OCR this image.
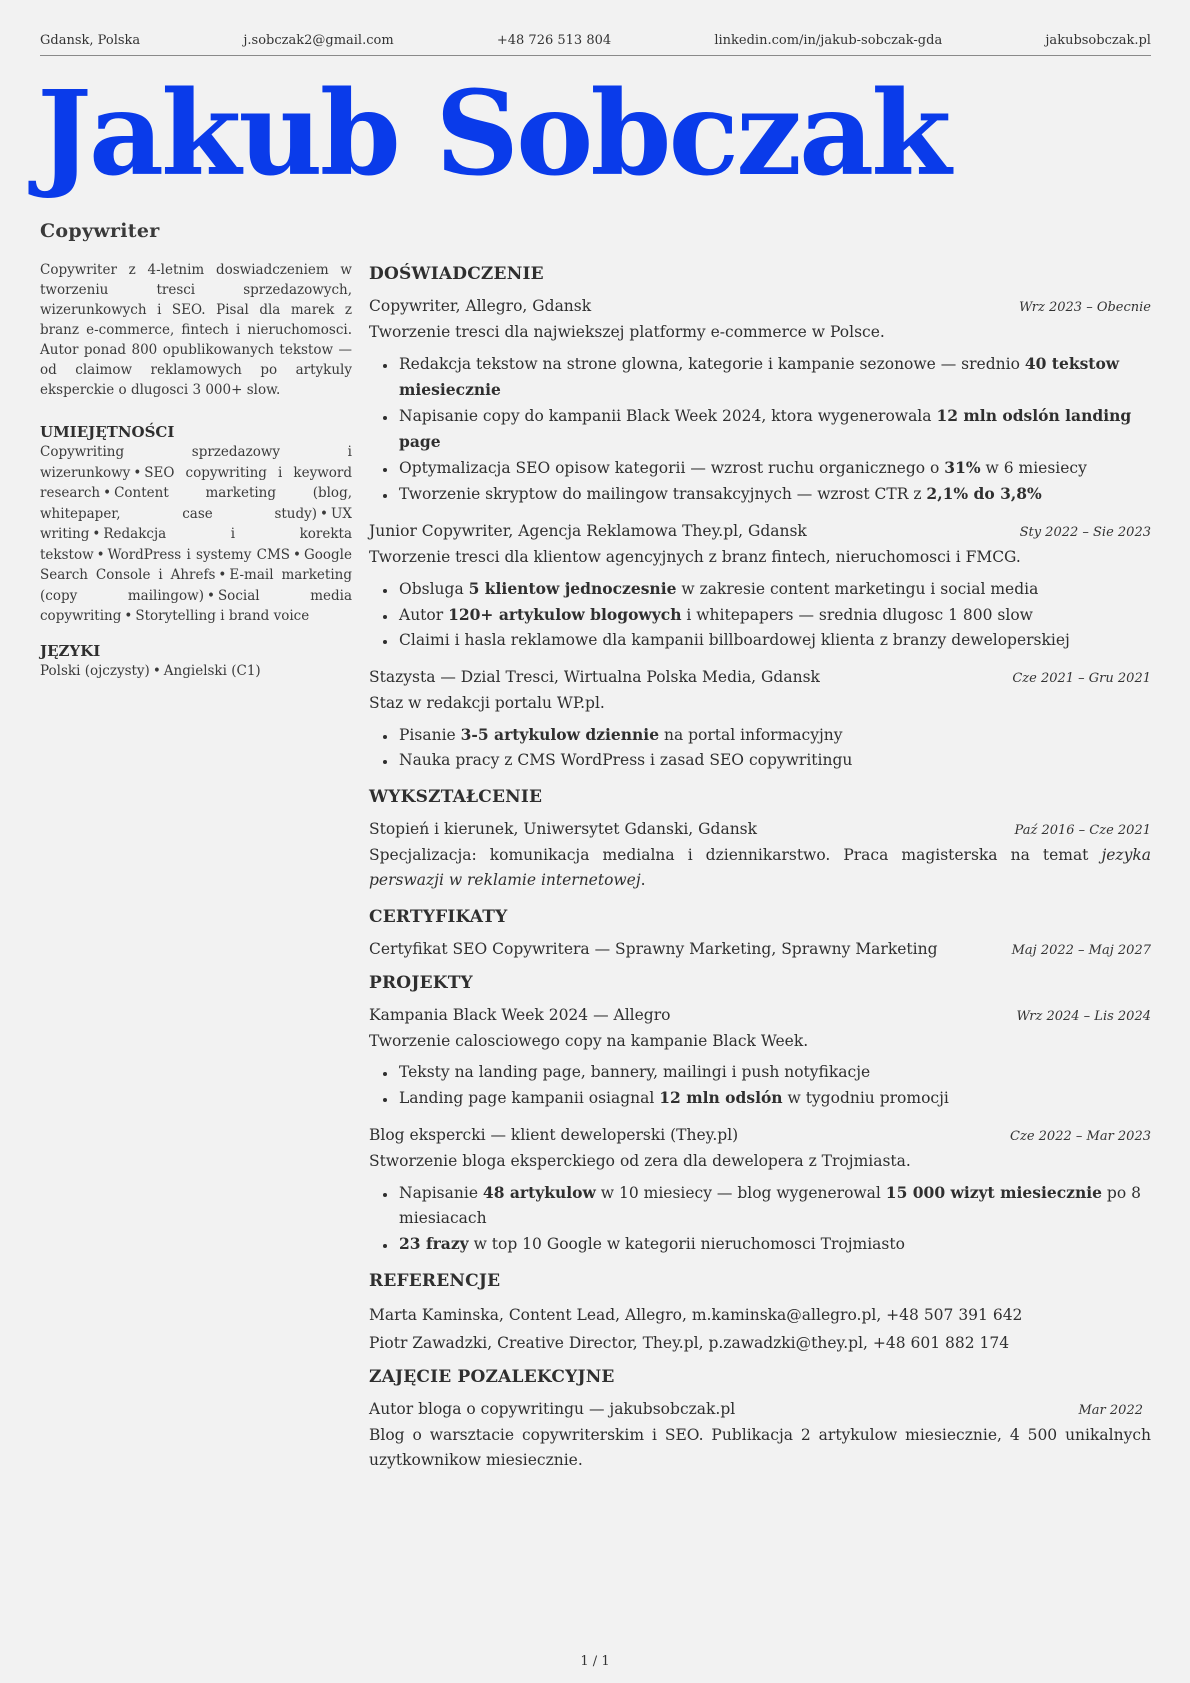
Gdansk, Polska	j.sobczak2@gmail.com	+48 726 513 804	linkedin.com/in/jakub-sobczak-gda	jakubsobczak.pl
Jakub Sobczak
Copywriter

Copywriter z 4-letnim doswiadczeniem w tworzeniu tresci sprzedazowych, wizerunkowych i SEO. Pisal dla marek z branz e-commerce, fintech i nieruchomosci. Autor ponad 800 opublikowanych tekstow — od claimow reklamowych po artykuly eksperckie o dlugosci 3 000+ slow.

UMIEJĘTNOŚCI

Copywriting sprzedazowy i wizerunkowy • SEO copywriting i keyword research • Content marketing (blog, whitepaper, case study) • UX writing • Redakcja i korekta tekstow • WordPress i systemy CMS • Google Search Console i Ahrefs • E-mail marketing (copy mailingow) • Social media copywriting • Storytelling i brand voice

JĘZYKI

Polski (ojczysty) • Angielski (C1)

DOŚWIADCZENIE
Copywriter, Allegro, Gdansk	Wrz 2023 – Obecnie

Tworzenie tresci dla najwiekszej platformy e-commerce w Polsce.

• Redakcja tekstow na strone glowna, kategorie i kampanie sezonowe — srednio 40 tekstow miesiecznie
• Napisanie copy do kampanii Black Week 2024, ktora wygenerowala 12 mln odslón landing page
• Optymalizacja SEO opisow kategorii — wzrost ruchu organicznego o 31% w 6 miesiecy
• Tworzenie skryptow do mailingow transakcyjnych — wzrost CTR z 2,1% do 3,8%
Junior Copywriter, Agencja Reklamowa They.pl, Gdansk	Sty 2022 – Sie 2023

Tworzenie tresci dla klientow agencyjnych z branz fintech, nieruchomosci i FMCG.

• Obsluga 5 klientow jednoczesnie w zakresie content marketingu i social media
• Autor 120+ artykulow blogowych i whitepapers — srednia dlugosc 1 800 slow
• Claimi i hasla reklamowe dla kampanii billboardowej klienta z branzy deweloperskiej
Stazysta — Dzial Tresci, Wirtualna Polska Media, Gdansk	Cze 2021 – Gru 2021

Staz w redakcji portalu WP.pl.

• Pisanie 3-5 artykulow dziennie na portal informacyjny
• Nauka pracy z CMS WordPress i zasad SEO copywritingu
WYKSZTAŁCENIE
Stopień i kierunek, Uniwersytet Gdanski, Gdansk	Paź 2016 – Cze 2021

Specjalizacja: komunikacja medialna i dziennikarstwo. Praca magisterska na temat jezyka perswazji w reklamie internetowej.

CERTYFIKATY
Certyfikat SEO Copywritera — Sprawny Marketing, Sprawny Marketing	Maj 2022 – Maj 2027
PROJEKTY
Kampania Black Week 2024 — Allegro	Wrz 2024 – Lis 2024

Tworzenie calosciowego copy na kampanie Black Week.

• Teksty na landing page, bannery, mailingi i push notyfikacje
• Landing page kampanii osiagnal 12 mln odslón w tygodniu promocji
Blog ekspercki — klient deweloperski (They.pl)	Cze 2022 – Mar 2023

Stworzenie bloga eksperckiego od zera dla dewelopera z Trojmiasta.

• Napisanie 48 artykulow w 10 miesiecy — blog wygenerowal 15 000 wizyt miesiecznie po 8 miesiacach
• 23 frazy w top 10 Google w kategorii nieruchomosci Trojmiasto
REFERENCJE
Marta Kaminska, Content Lead, Allegro, m.kaminska@allegro.pl, +48 507 391 642
Piotr Zawadzki, Creative Director, They.pl, p.zawadzki@they.pl, +48 601 882 174
ZAJĘCIE POZALEKCYJNE
Autor bloga o copywritingu — jakubsobczak.pl	Mar 2022

Blog o warsztacie copywriterskim i SEO. Publikacja 2 artykulow miesiecznie, 4 500 unikalnych uzytkownikow miesiecznie.

1 / 1
